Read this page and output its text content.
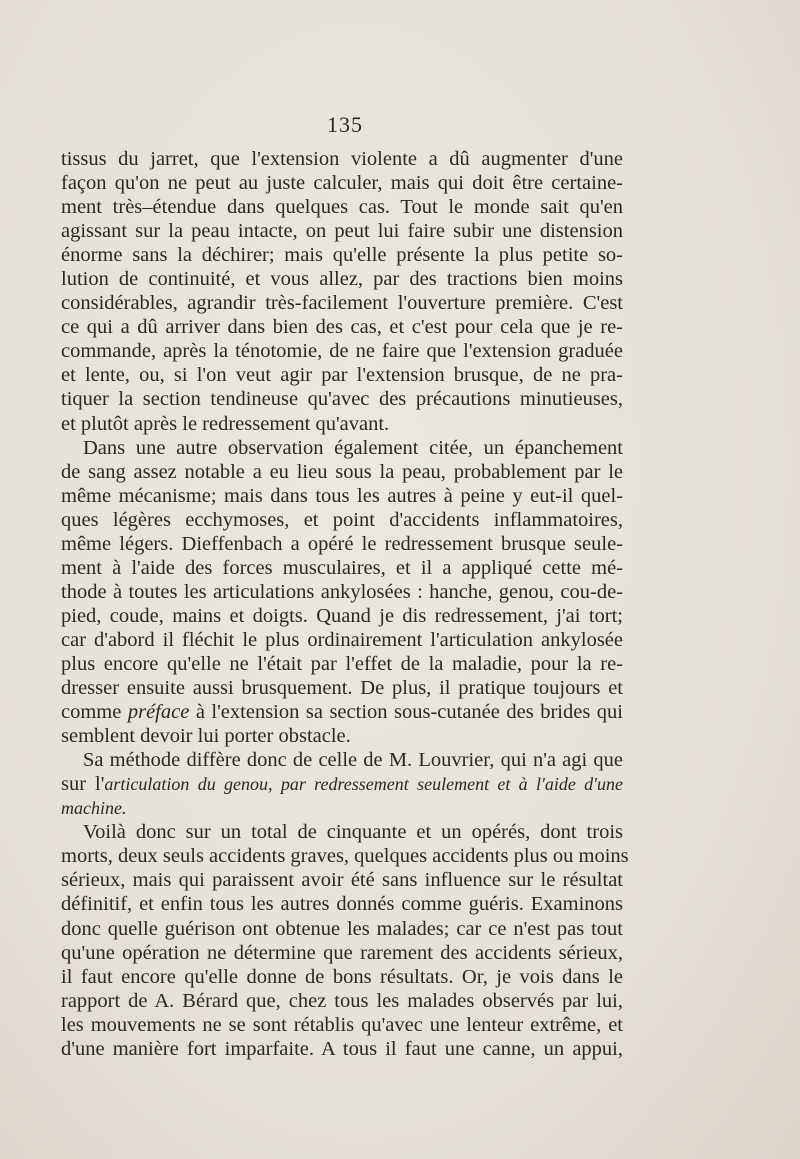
135
tissus du jarret, que l'extension violente a dû augmenter d'une
façon qu'on ne peut au juste calculer, mais qui doit être certaine-
ment très–étendue dans quelques cas. Tout le monde sait qu'en
agissant sur la peau intacte, on peut lui faire subir une distension
énorme sans la déchirer; mais qu'elle présente la plus petite so-
lution de continuité, et vous allez, par des tractions bien moins
considérables, agrandir très-facilement l'ouverture première. C'est
ce qui a dû arriver dans bien des cas, et c'est pour cela que je re-
commande, après la ténotomie, de ne faire que l'extension graduée
et lente, ou, si l'on veut agir par l'extension brusque, de ne pra-
tiquer la section tendineuse qu'avec des précautions minutieuses,
et plutôt après le redressement qu'avant.
Dans une autre observation également citée, un épanchement
de sang assez notable a eu lieu sous la peau, probablement par le
même mécanisme; mais dans tous les autres à peine y eut-il quel-
ques légères ecchymoses, et point d'accidents inflammatoires,
même légers. Dieffenbach a opéré le redressement brusque seule-
ment à l'aide des forces musculaires, et il a appliqué cette mé-
thode à toutes les articulations ankylosées : hanche, genou, cou-de-
pied, coude, mains et doigts. Quand je dis redressement, j'ai tort;
car d'abord il fléchit le plus ordinairement l'articulation ankylosée
plus encore qu'elle ne l'était par l'effet de la maladie, pour la re-
dresser ensuite aussi brusquement. De plus, il pratique toujours et
comme préface à l'extension sa section sous-cutanée des brides qui
semblent devoir lui porter obstacle.
Sa méthode diffère donc de celle de M. Louvrier, qui n'a agi que
sur l'articulation du genou, par redressement seulement et à l'aide d'une
machine.
Voilà donc sur un total de cinquante et un opérés, dont trois
morts, deux seuls accidents graves, quelques accidents plus ou moins
sérieux, mais qui paraissent avoir été sans influence sur le résultat
définitif, et enfin tous les autres donnés comme guéris. Examinons
donc quelle guérison ont obtenue les malades; car ce n'est pas tout
qu'une opération ne détermine que rarement des accidents sérieux,
il faut encore qu'elle donne de bons résultats. Or, je vois dans le
rapport de A. Bérard que, chez tous les malades observés par lui,
les mouvements ne se sont rétablis qu'avec une lenteur extrême, et
d'une manière fort imparfaite. A tous il faut une canne, un appui,
